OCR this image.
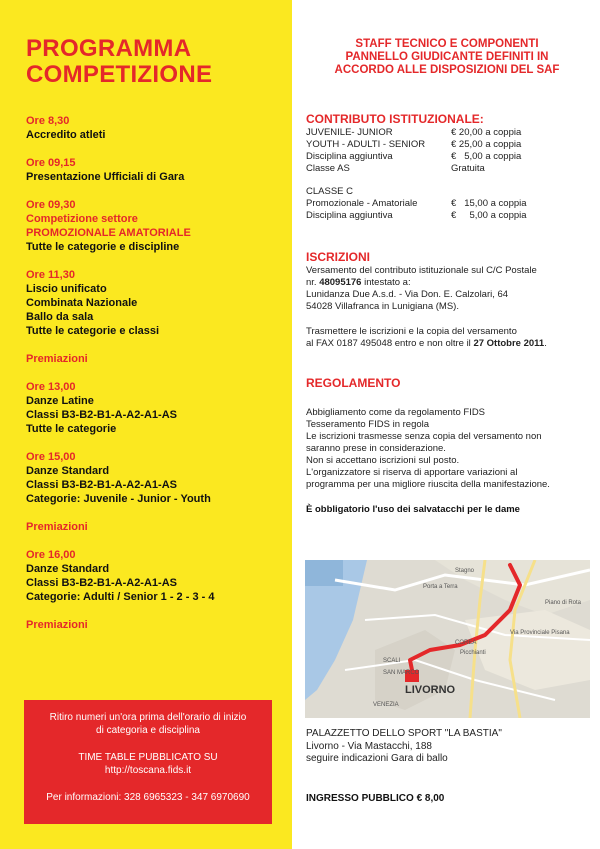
PROGRAMMA
COMPETIZIONE
Ore 8,30
Accredito atleti
Ore 09,15
Presentazione Ufficiali di Gara
Ore 09,30
Competizione settore
PROMOZIONALE AMATORIALE
Tutte le categorie e discipline
Ore 11,30
Liscio unificato
Combinata Nazionale
Ballo da sala
Tutte le categorie e classi
Premiazioni
Ore 13,00
Danze Latine
Classi B3-B2-B1-A-A2-A1-AS
Tutte le categorie
Ore 15,00
Danze Standard
Classi B3-B2-B1-A-A2-A1-AS
Categorie: Juvenile - Junior - Youth
Premiazioni
Ore 16,00
Danze Standard
Classi B3-B2-B1-A-A2-A1-AS
Categorie: Adulti / Senior 1 - 2 - 3 - 4
Premiazioni

Ritiro numeri un'ora prima dell'orario di inizio

di categoria e disciplina

TIME TABLE PUBBLICATO SU

http://toscana.fids.it

Per informazioni: 328 6965323 - 347 6970690

STAFF TECNICO E COMPONENTI
PANNELLO GIUDICANTE DEFINITI IN
ACCORDO ALLE DISPOSIZIONI DEL SAF
CONTRIBUTO ISTITUZIONALE:
JUVENILE- JUNIOR	€ 20,00 a coppia
YOUTH - ADULTI - SENIOR	€ 25,00 a coppia
Disciplina aggiuntiva	€   5,00 a coppia
Classe AS	Gratuita
CLASSE C
Promozionale - Amatoriale	€   15,00 a coppia
Disciplina aggiuntiva	€     5,00 a coppia
ISCRIZIONI
Versamento del contributo istituzionale sul C/C Postale
nr. 48095176 intestato a:
Lunidanza Due A.s.d. - Via Don. E. Calzolari, 64
54028 Villafranca in Lunigiana (MS).
Trasmettere le iscrizioni e la copia del versamento
al FAX 0187 495048 entro e non oltre il 27 Ottobre 2011.
REGOLAMENTO
Abbigliamento come da regolamento FIDS
Tesseramento FIDS in regola
Le iscrizioni trasmesse senza copia del versamento non
saranno prese in considerazione.
Non si accettano iscrizioni sul posto.
L'organizzatore si riserva di apportare variazioni al
programma per una migliore riuscita della manifestazione.
È obbligatorio l'uso dei salvatacchi per le dame
Stagno
Porta a Terra
Piano di Rota
Via Provinciale Pisana
Picchianti
COREA
SAN MARCO
LIVORNO
VENEZIA
SCALI
PALAZZETTO DELLO SPORT "LA BASTIA"
Livorno - Via Mastacchi, 188
seguire indicazioni Gara di ballo
INGRESSO PUBBLICO € 8,00
